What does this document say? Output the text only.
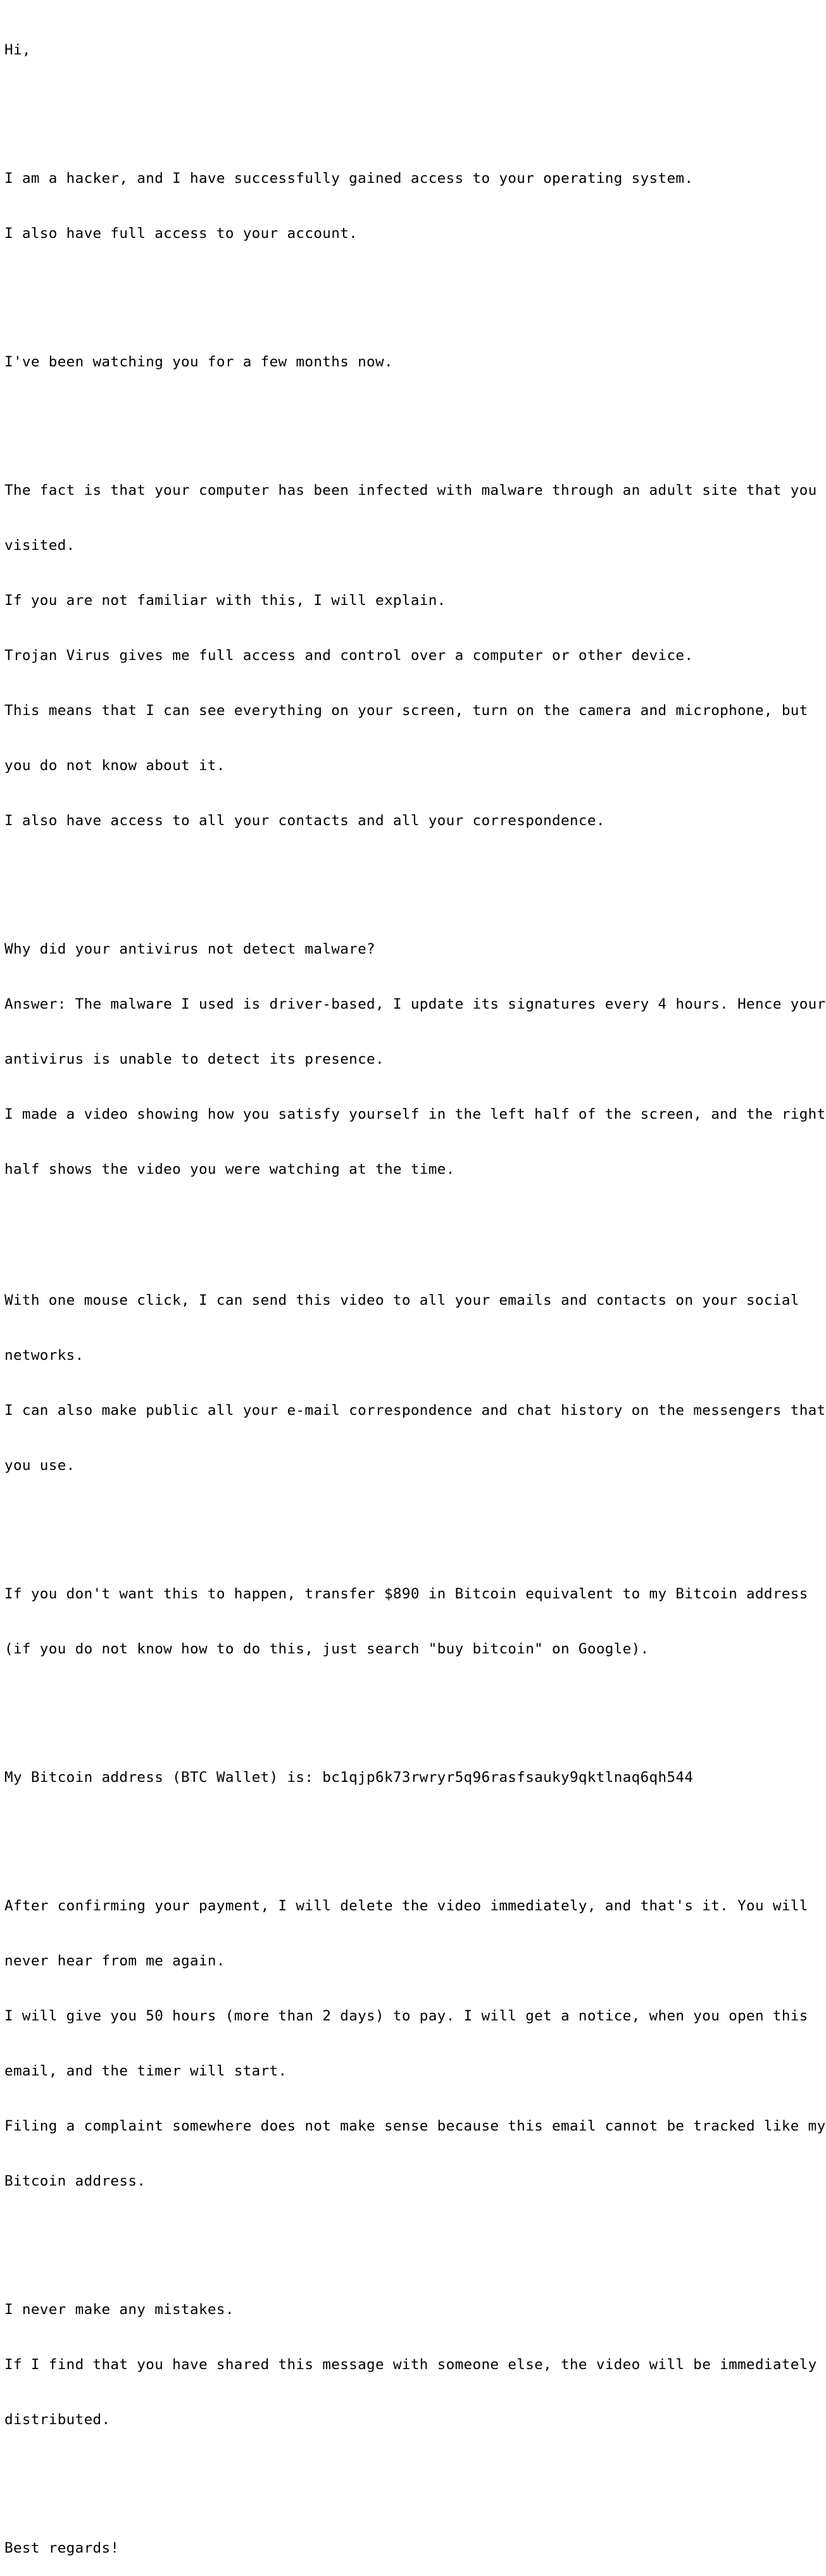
Hi,

I am a hacker, and I have successfully gained access to your operating system.

I also have full access to your account.

I've been watching you for a few months now.

The fact is that your computer has been infected with malware through an adult site that you

visited.

If you are not familiar with this, I will explain.

Trojan Virus gives me full access and control over a computer or other device.

This means that I can see everything on your screen, turn on the camera and microphone, but

you do not know about it.

I also have access to all your contacts and all your correspondence.

Why did your antivirus not detect malware?

Answer: The malware I used is driver-based, I update its signatures every 4 hours. Hence your

antivirus is unable to detect its presence.

I made a video showing how you satisfy yourself in the left half of the screen, and the right

half shows the video you were watching at the time.

With one mouse click, I can send this video to all your emails and contacts on your social

networks.

I can also make public all your e-mail correspondence and chat history on the messengers that

you use.

If you don't want this to happen, transfer $890 in Bitcoin equivalent to my Bitcoin address

(if you do not know how to do this, just search "buy bitcoin" on Google).

My Bitcoin address (BTC Wallet) is: bc1qjp6k73rwryr5q96rasfsauky9qktlnaq6qh544

After confirming your payment, I will delete the video immediately, and that's it. You will

never hear from me again.

I will give you 50 hours (more than 2 days) to pay. I will get a notice, when you open this

email, and the timer will start.

Filing a complaint somewhere does not make sense because this email cannot be tracked like my

Bitcoin address.

I never make any mistakes.

If I find that you have shared this message with someone else, the video will be immediately

distributed.

Best regards!
